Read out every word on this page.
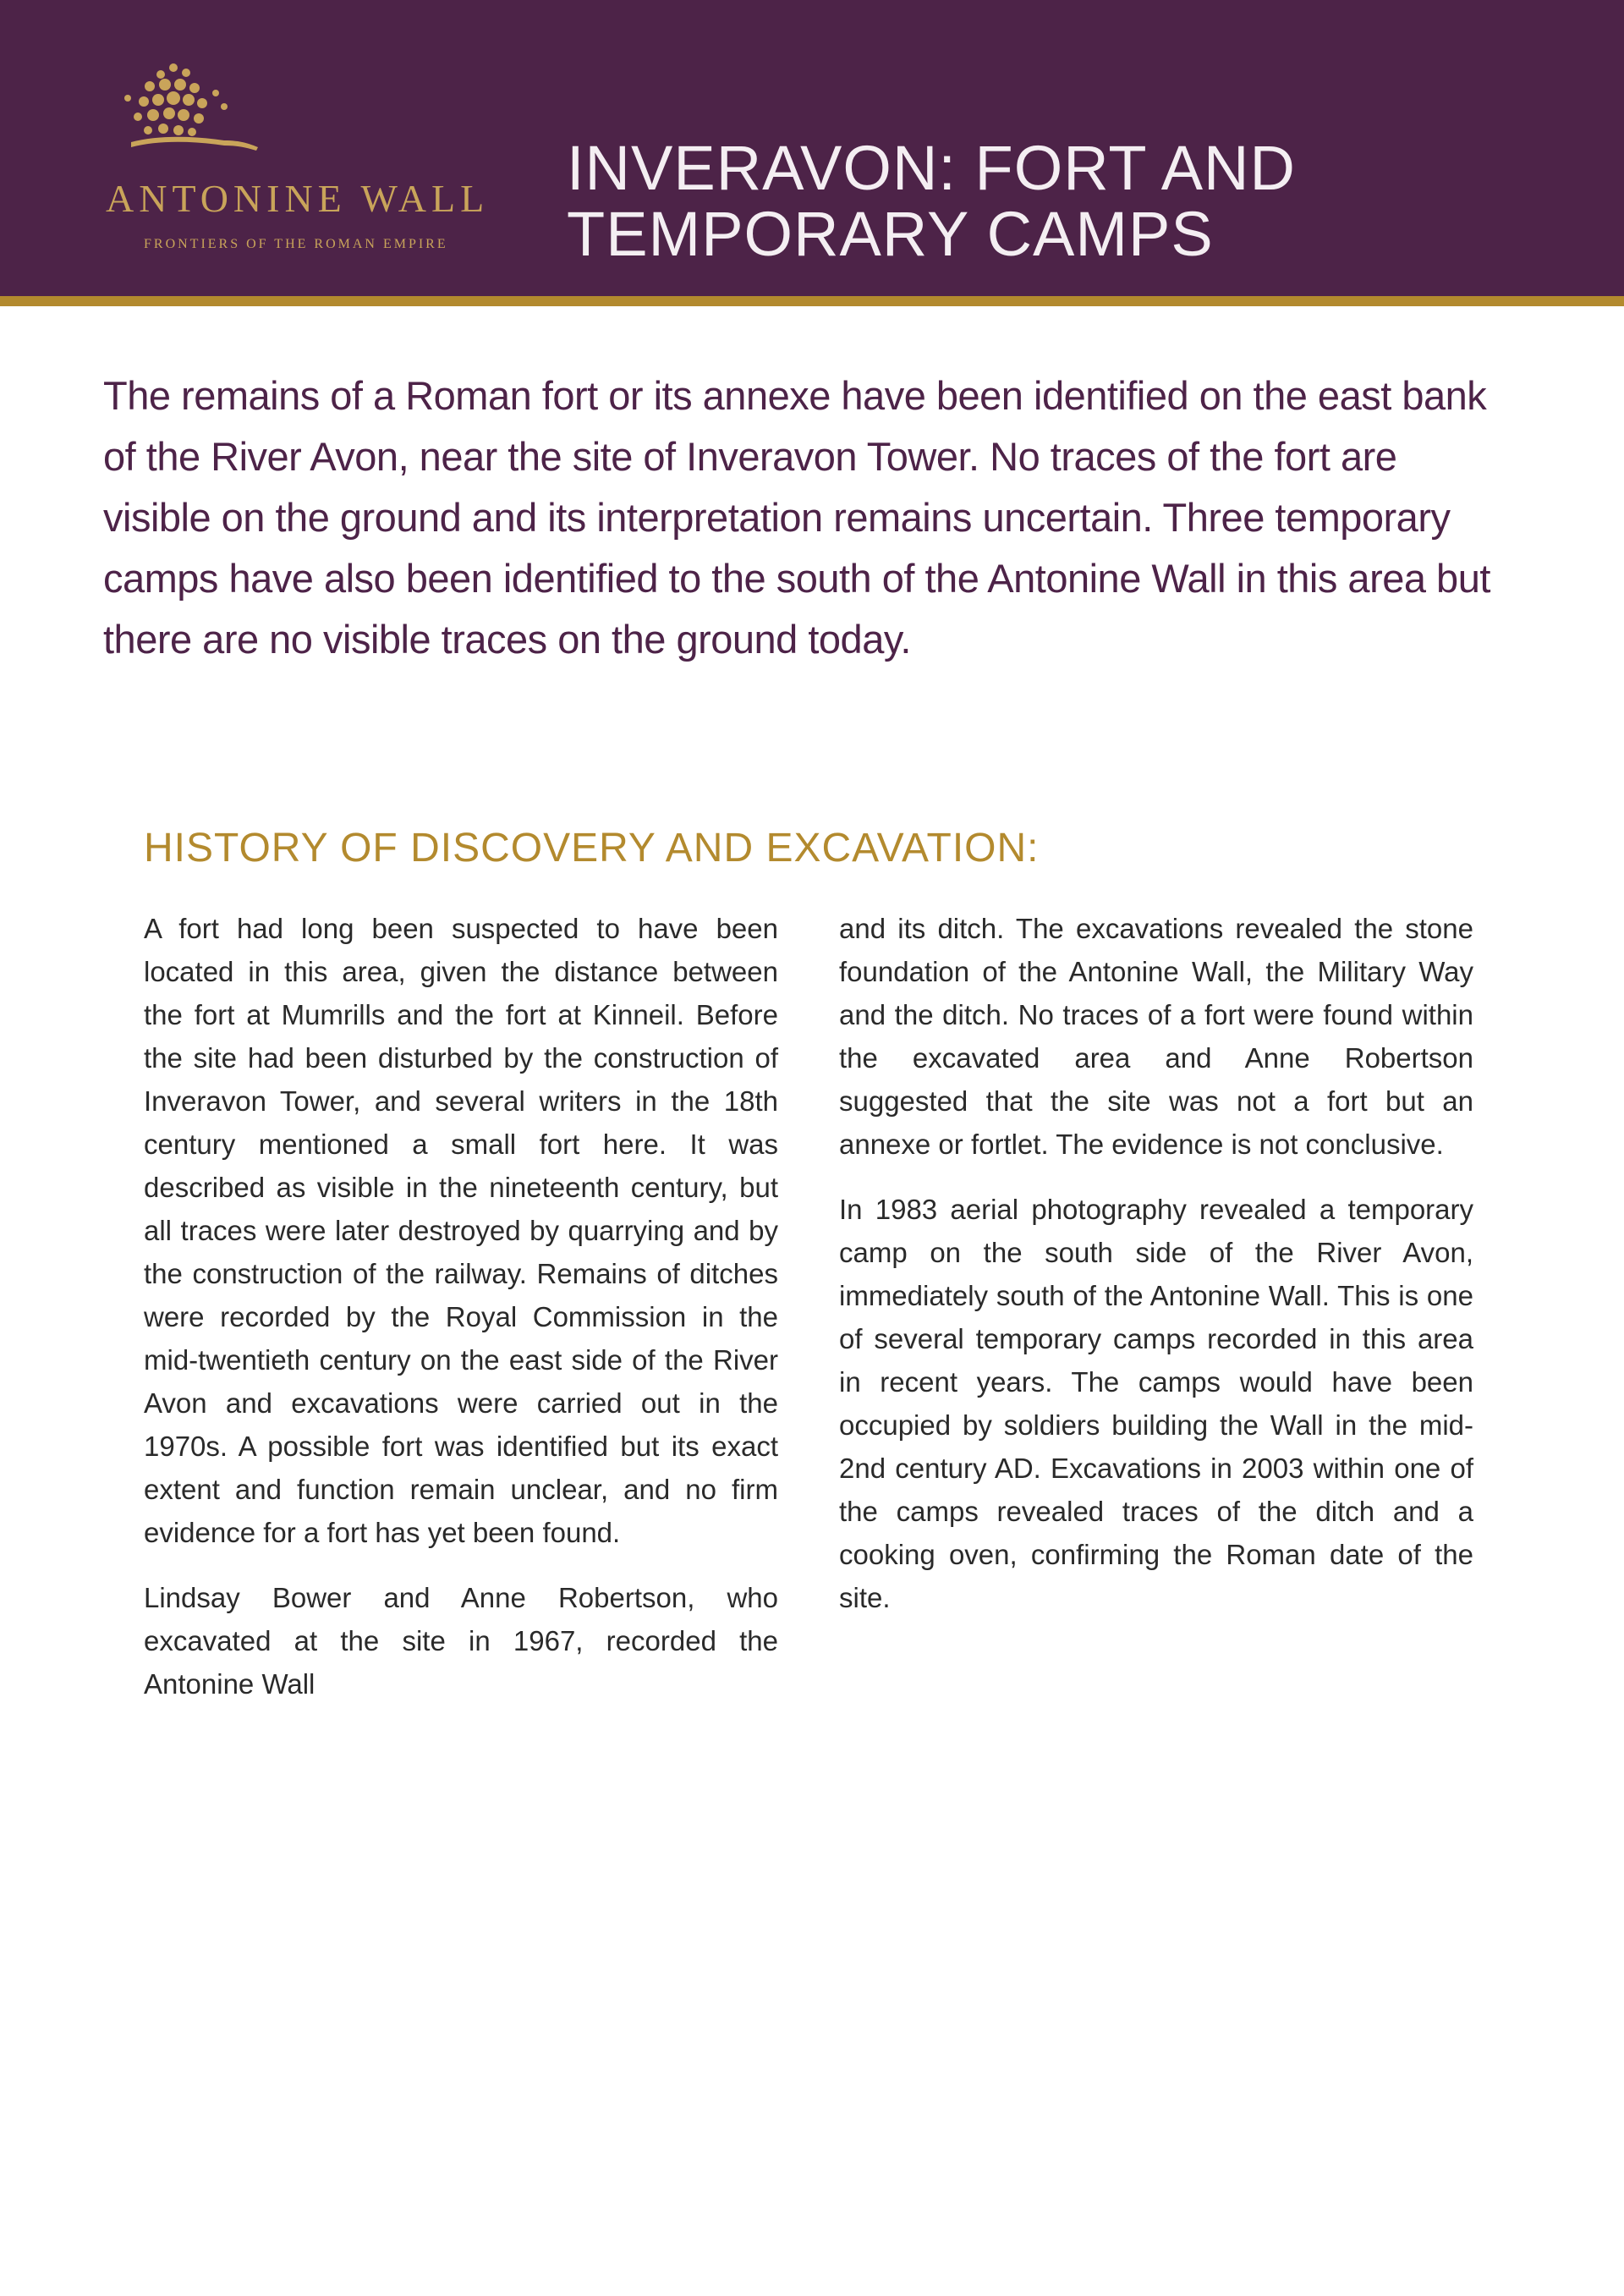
ANTONINE WALL
FRONTIERS OF THE ROMAN EMPIRE
INVERAVON: FORT AND
TEMPORARY CAMPS

The remains of a Roman fort or its annexe have been identified on the east bank of the River Avon, near the site of Inveravon Tower. No traces of the fort are visible on the ground and its interpretation remains uncertain. Three temporary camps have also been identified to the south of the Antonine Wall in this area but there are no visible traces on the ground today.

HISTORY OF DISCOVERY AND EXCAVATION:

A fort had long been suspected to have been located in this area, given the distance between the fort at Mumrills and the fort at Kinneil. Before the site had been disturbed by the construction of Inveravon Tower, and several writers in the 18th century mentioned a small fort here. It was described as visible in the nineteenth century, but all traces were later destroyed by quarrying and by the construction of the railway. Remains of ditches were recorded by the Royal Commission in the mid-twentieth century on the east side of the River Avon and excavations were carried out in the 1970s. A possible fort was identified but its exact extent and function remain unclear, and no firm evidence for a fort has yet been found.

Lindsay Bower and Anne Robertson, who excavated at the site in 1967, recorded the Antonine Wall

and its ditch. The excavations revealed the stone foundation of the Antonine Wall, the Military Way and the ditch. No traces of a fort were found within the excavated area and Anne Robertson suggested that the site was not a fort but an annexe or fortlet. The evidence is not conclusive.

In 1983 aerial photography revealed a temporary camp on the south side of the River Avon, immediately south of the Antonine Wall. This is one of several temporary camps recorded in this area in recent years. The camps would have been occupied by soldiers building the Wall in the mid-2nd century AD. Excavations in 2003 within one of the camps revealed traces of the ditch and a cooking oven, confirming the Roman date of the site.
